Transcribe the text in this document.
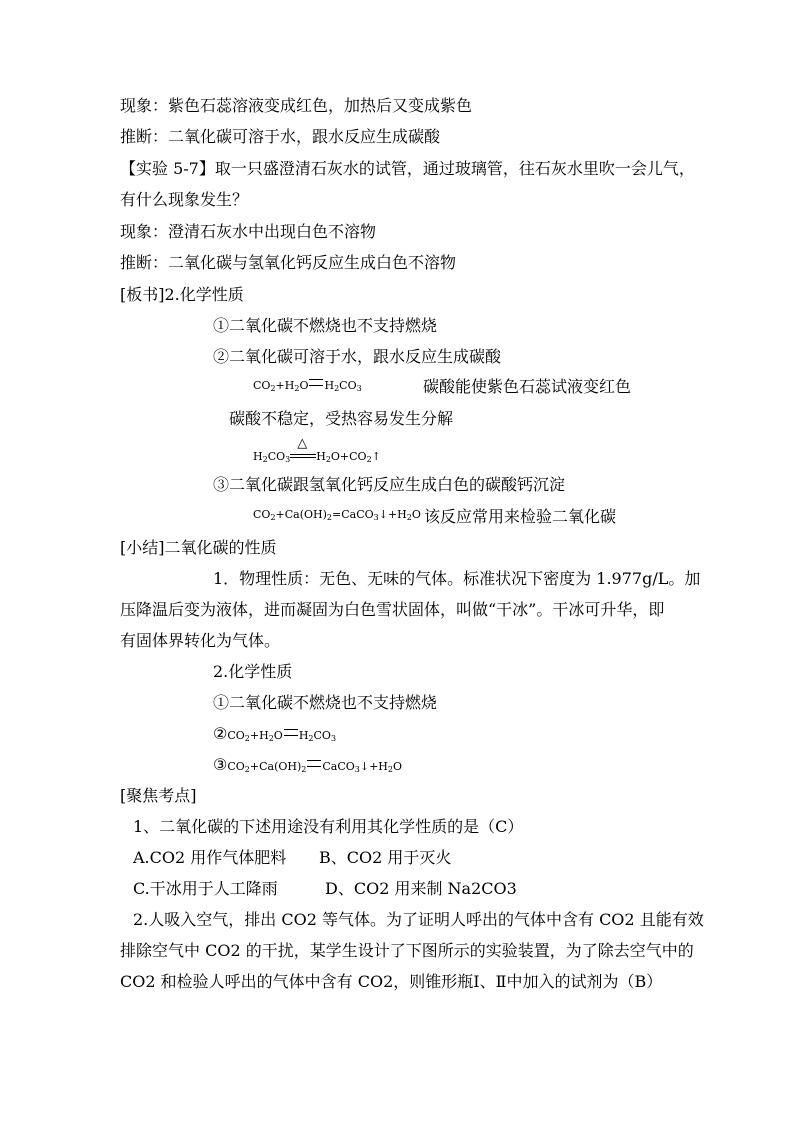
现象：紫色石蕊溶液变成红色，加热后又变成紫色
推断：二氧化碳可溶于水，跟水反应生成碳酸
【实验 5-7】取一只盛澄清石灰水的试管，通过玻璃管，往石灰水里吹一会儿气，
有什么现象发生？
现象：澄清石灰水中出现白色不溶物
推断：二氧化碳与氢氧化钙反应生成白色不溶物
[板书]2.化学性质
①二氧化碳不燃烧也不支持燃烧
②二氧化碳可溶于水，跟水反应生成碳酸
$CO_2+H_2O$ $H_2CO_3$	碳酸能使紫色石蕊试液变红色
碳酸不稳定，受热容易发生分解
$H_2CO_3$
△
$H_2O+CO_2↑$
③二氧化碳跟氢氧化钙反应生成白色的碳酸钙沉淀
$CO_2+Ca(OH)_2=CaCO_3↓+H_2O$ 该反应常用来检验二氧化碳
[小结]二氧化碳的性质
1．物理性质：无色、无味的气体。标准状况下密度为 1.977g/L。加
压降温后变为液体，进而凝固为白色雪状固体，叫做“干冰”。干冰可升华，即
有固体界转化为气体。
2.化学性质
①二氧化碳不燃烧也不支持燃烧
$②CO_2+H_2O$ $H_2CO_3$
$③CO_2+Ca(OH)_2$ $CaCO_3↓+H_2O$
[聚焦考点]
1、二氧化碳的下述用途没有利用其化学性质的是（C）
A.CO2 用作气体肥料 B、CO2 用于灭火
C.干冰用于人工降雨	D、CO2 用来制 Na2CO3
2.人吸入空气，排出 CO2 等气体。为了证明人呼出的气体中含有 CO2 且能有效
排除空气中 CO2 的干扰，某学生设计了下图所示的实验装置，为了除去空气中的
CO2 和检验人呼出的气体中含有 CO2，则锥形瓶Ⅰ、Ⅱ中加入的试剂为（B）
